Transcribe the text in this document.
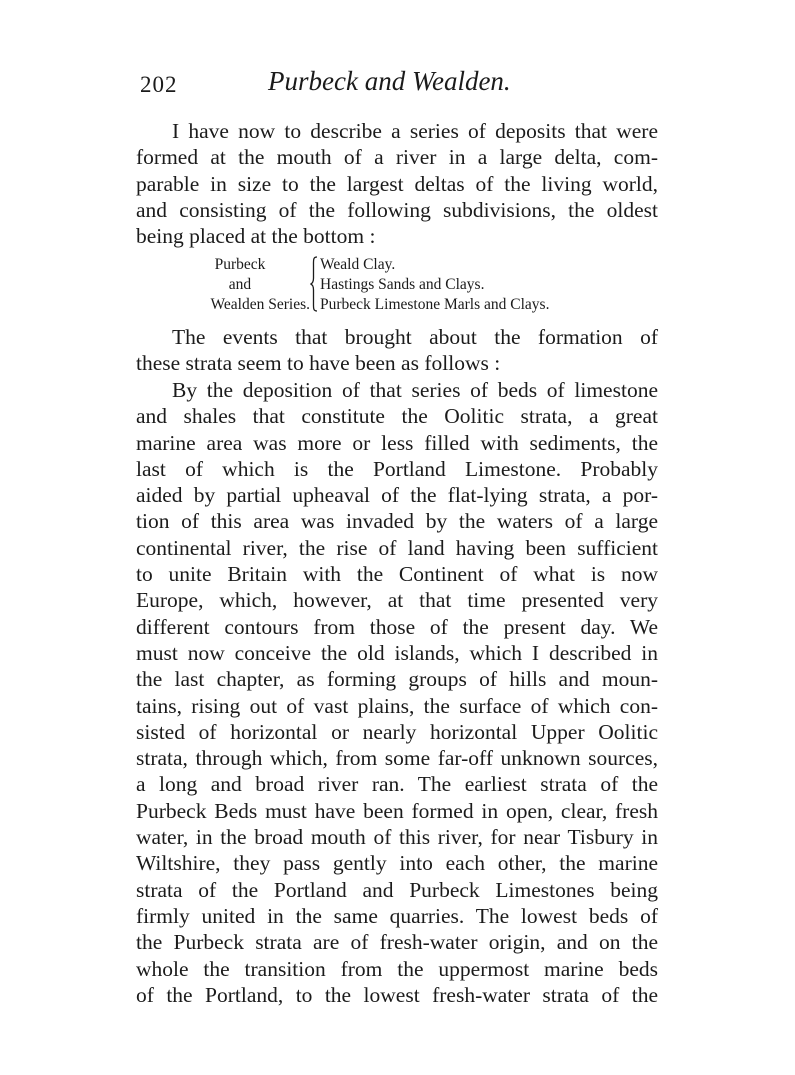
202	Purbeck and Wealden.

I have now to describe a series of deposits that were
formed at the mouth of a river in a large delta, com-
parable in size to the largest deltas of the living world,
and consisting of the following subdivisions, the oldest
being placed at the bottom :

Purbeck
and
Wealden Series.
Weald Clay.
Hastings Sands and Clays.
Purbeck Limestone Marls and Clays.

The events that brought about the formation of
these strata seem to have been as follows :

By the deposition of that series of beds of limestone
and shales that constitute the Oolitic strata, a great
marine area was more or less filled with sediments, the
last of which is the Portland Limestone. Probably
aided by partial upheaval of the flat-lying strata, a por-
tion of this area was invaded by the waters of a large
continental river, the rise of land having been sufficient
to unite Britain with the Continent of what is now
Europe, which, however, at that time presented very
different contours from those of the present day. We
must now conceive the old islands, which I described in
the last chapter, as forming groups of hills and moun-
tains, rising out of vast plains, the surface of which con-
sisted of horizontal or nearly horizontal Upper Oolitic
strata, through which, from some far-off unknown sources,
a long and broad river ran. The earliest strata of the
Purbeck Beds must have been formed in open, clear, fresh
water, in the broad mouth of this river, for near Tisbury in
Wiltshire, they pass gently into each other, the marine
strata of the Portland and Purbeck Limestones being
firmly united in the same quarries. The lowest beds of
the Purbeck strata are of fresh-water origin, and on the
whole the transition from the uppermost marine beds
of the Portland, to the lowest fresh-water strata of the
